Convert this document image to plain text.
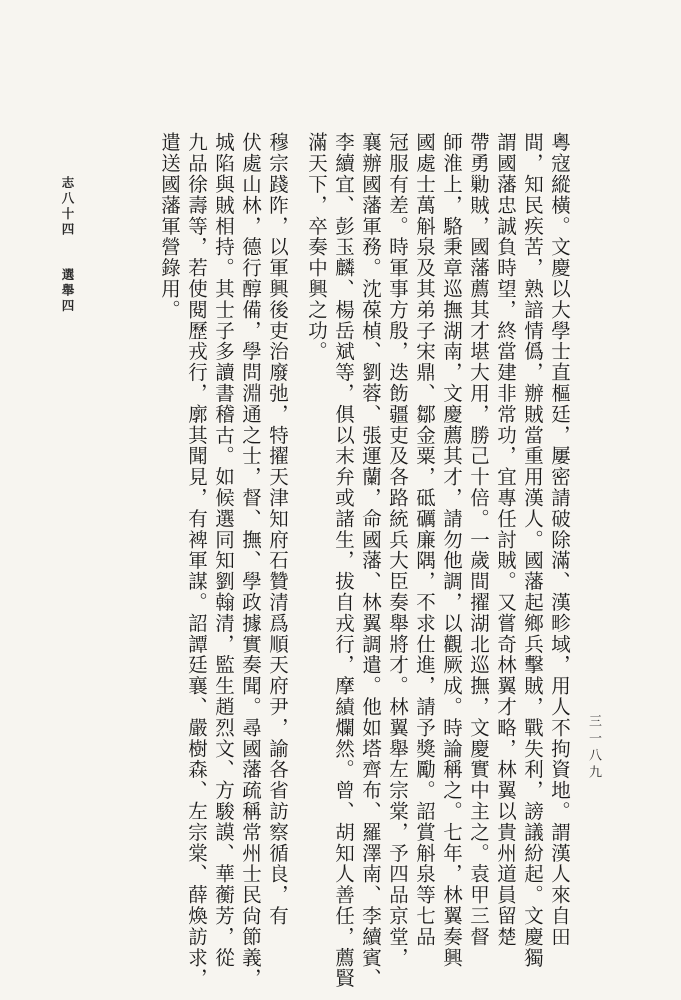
粵寇縱橫。文慶以大學士直樞廷，屢密請破除滿、漢畛域，用人不拘資地。謂漢人來自田
間，知民疾苦，熟諳情僞，辦賊當重用漢人。國藩起鄉兵擊賊，戰失利，謗議紛起。文慶獨
謂國藩忠誠負時望，終當建非常功，宜專任討賊。又嘗奇林翼才略，林翼以貴州道員留楚
帶勇勦賊，國藩薦其才堪大用，勝己十倍。一歲間擢湖北巡撫，文慶實中主之。袁甲三督
師淮上，駱秉章巡撫湖南，文慶薦其才，請勿他調，以觀厥成。時論稱之。七年，林翼奏興
國處士萬斛泉及其弟子宋鼎、鄒金粟，砥礪廉隅，不求仕進，請予獎勵。詔賞斛泉等七品
冠服有差。時軍事方殷，迭飭疆吏及各路統兵大臣奏舉將才。林翼舉左宗棠，予四品京堂，
襄辦國藩軍務。沈葆楨、劉蓉、張運蘭，命國藩、林翼調遣。他如塔齊布、羅澤南、李續賓、
李續宜、彭玉麟、楊岳斌等，俱以末弁或諸生，拔自戎行，摩績爛然。曾、胡知人善任，薦賢
滿天下，卒奏中興之功。
穆宗踐阼，以軍興後吏治廢弛，特擢天津知府石贊清爲順天府尹，諭各省訪察循良，有
伏處山林，德行醇備，學問淵通之士，督、撫、學政據實奏聞。尋國藩疏稱常州士民尙節義，
城陷與賊相持。其士子多讀書稽古。如候選同知劉翰清，監生趙烈文、方駿謨、華蘅芳，從
九品徐壽等，若使閱歷戎行，廓其聞見，有裨軍謀。詔譚廷襄、嚴樹森、左宗棠、薛煥訪求，
遣送國藩軍營錄用。
志八十四選舉四
三一八九
